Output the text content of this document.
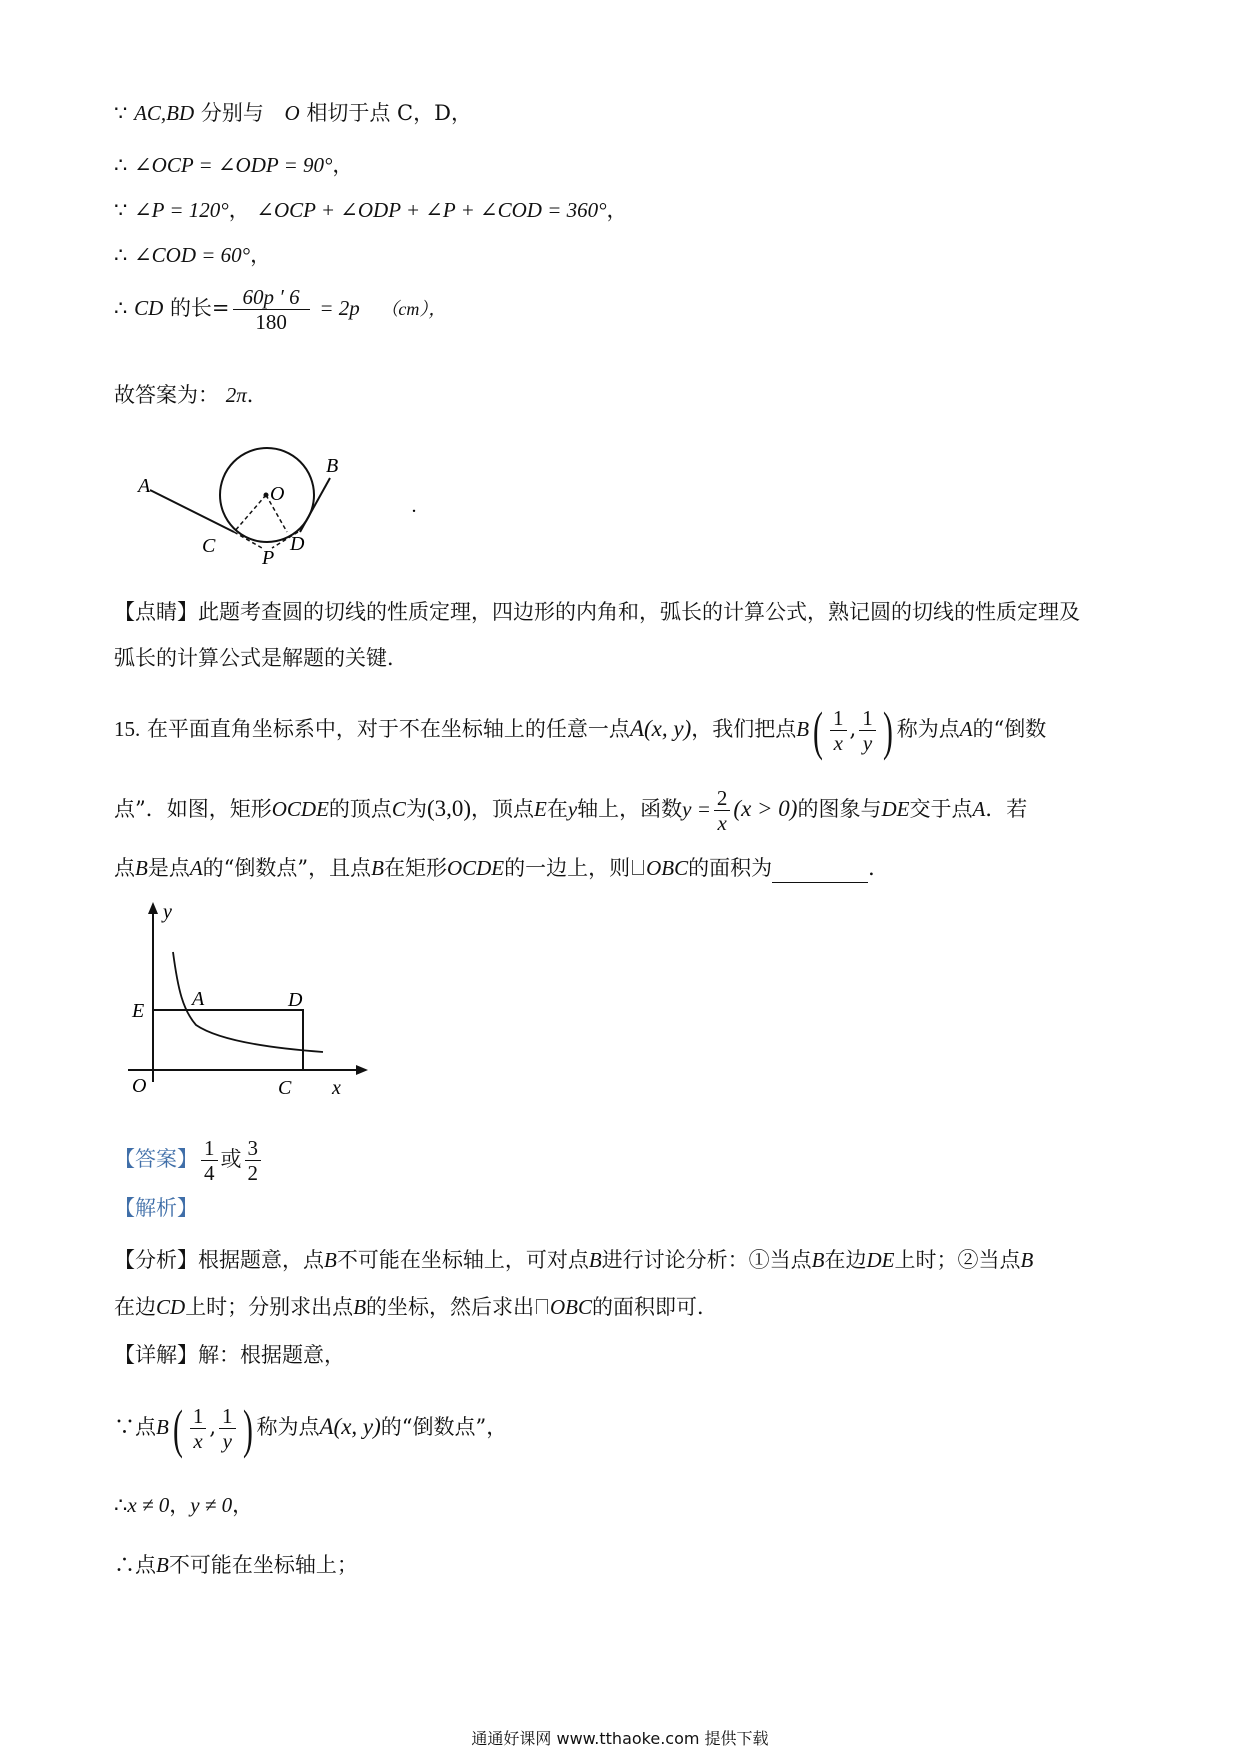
∵ AC,BD 分别与 O 相切于点 C，D，
∴ ∠OCP = ∠ODP = 90°，
∵ ∠P = 120°， ∠OCP + ∠ODP + ∠P + ∠COD = 360°，
∴ ∠COD = 60°，
∴ CD 的长= $\frac{60p ' 6}{180} = 2p$ （cm），
故答案为： 2π．
A
B
O
C
P
D
.
【点睛】此题考查圆的切线的性质定理，四边形的内角和，弧长的计算公式，熟记圆的切线的性质定理及
弧长的计算公式是解题的关键．
15. 在平面直角坐标系中，对于不在坐标轴上的任意一点A(x, y)，我们把点$B( \frac{1}{x}$ , $\frac{1}{y}$ ) 称为点A的“倒数
点”．如图，矩形OCDE的顶点C为(3,0)，顶点E在y轴上，函数$y = \frac{2}{x} (x > 0)$的图象与DE交于点A．若
点B是点A的“倒数点”，且点B在矩形OCDE的一边上，则 OBC的面积为	．
y
E
A	D
O	C x
【答案】 $\frac{1}{4}$ 或 $\frac{3}{2}$
【解析】
【分析】根据题意，点B不可能在坐标轴上，可对点B进行讨论分析：①当点B在边DE上时；②当点B
在边CD上时；分别求出点B的坐标，然后求出 OBC的面积即可．
【详解】解：根据题意，
∵点$B( \frac{1}{x}$ , $\frac{1}{y}$ ) 称为点A(x, y)的“倒数点”，
∴x ≠ 0，y ≠ 0，
∴点B不可能在坐标轴上；
通通好课网 www.tthaoke.com 提供下载
